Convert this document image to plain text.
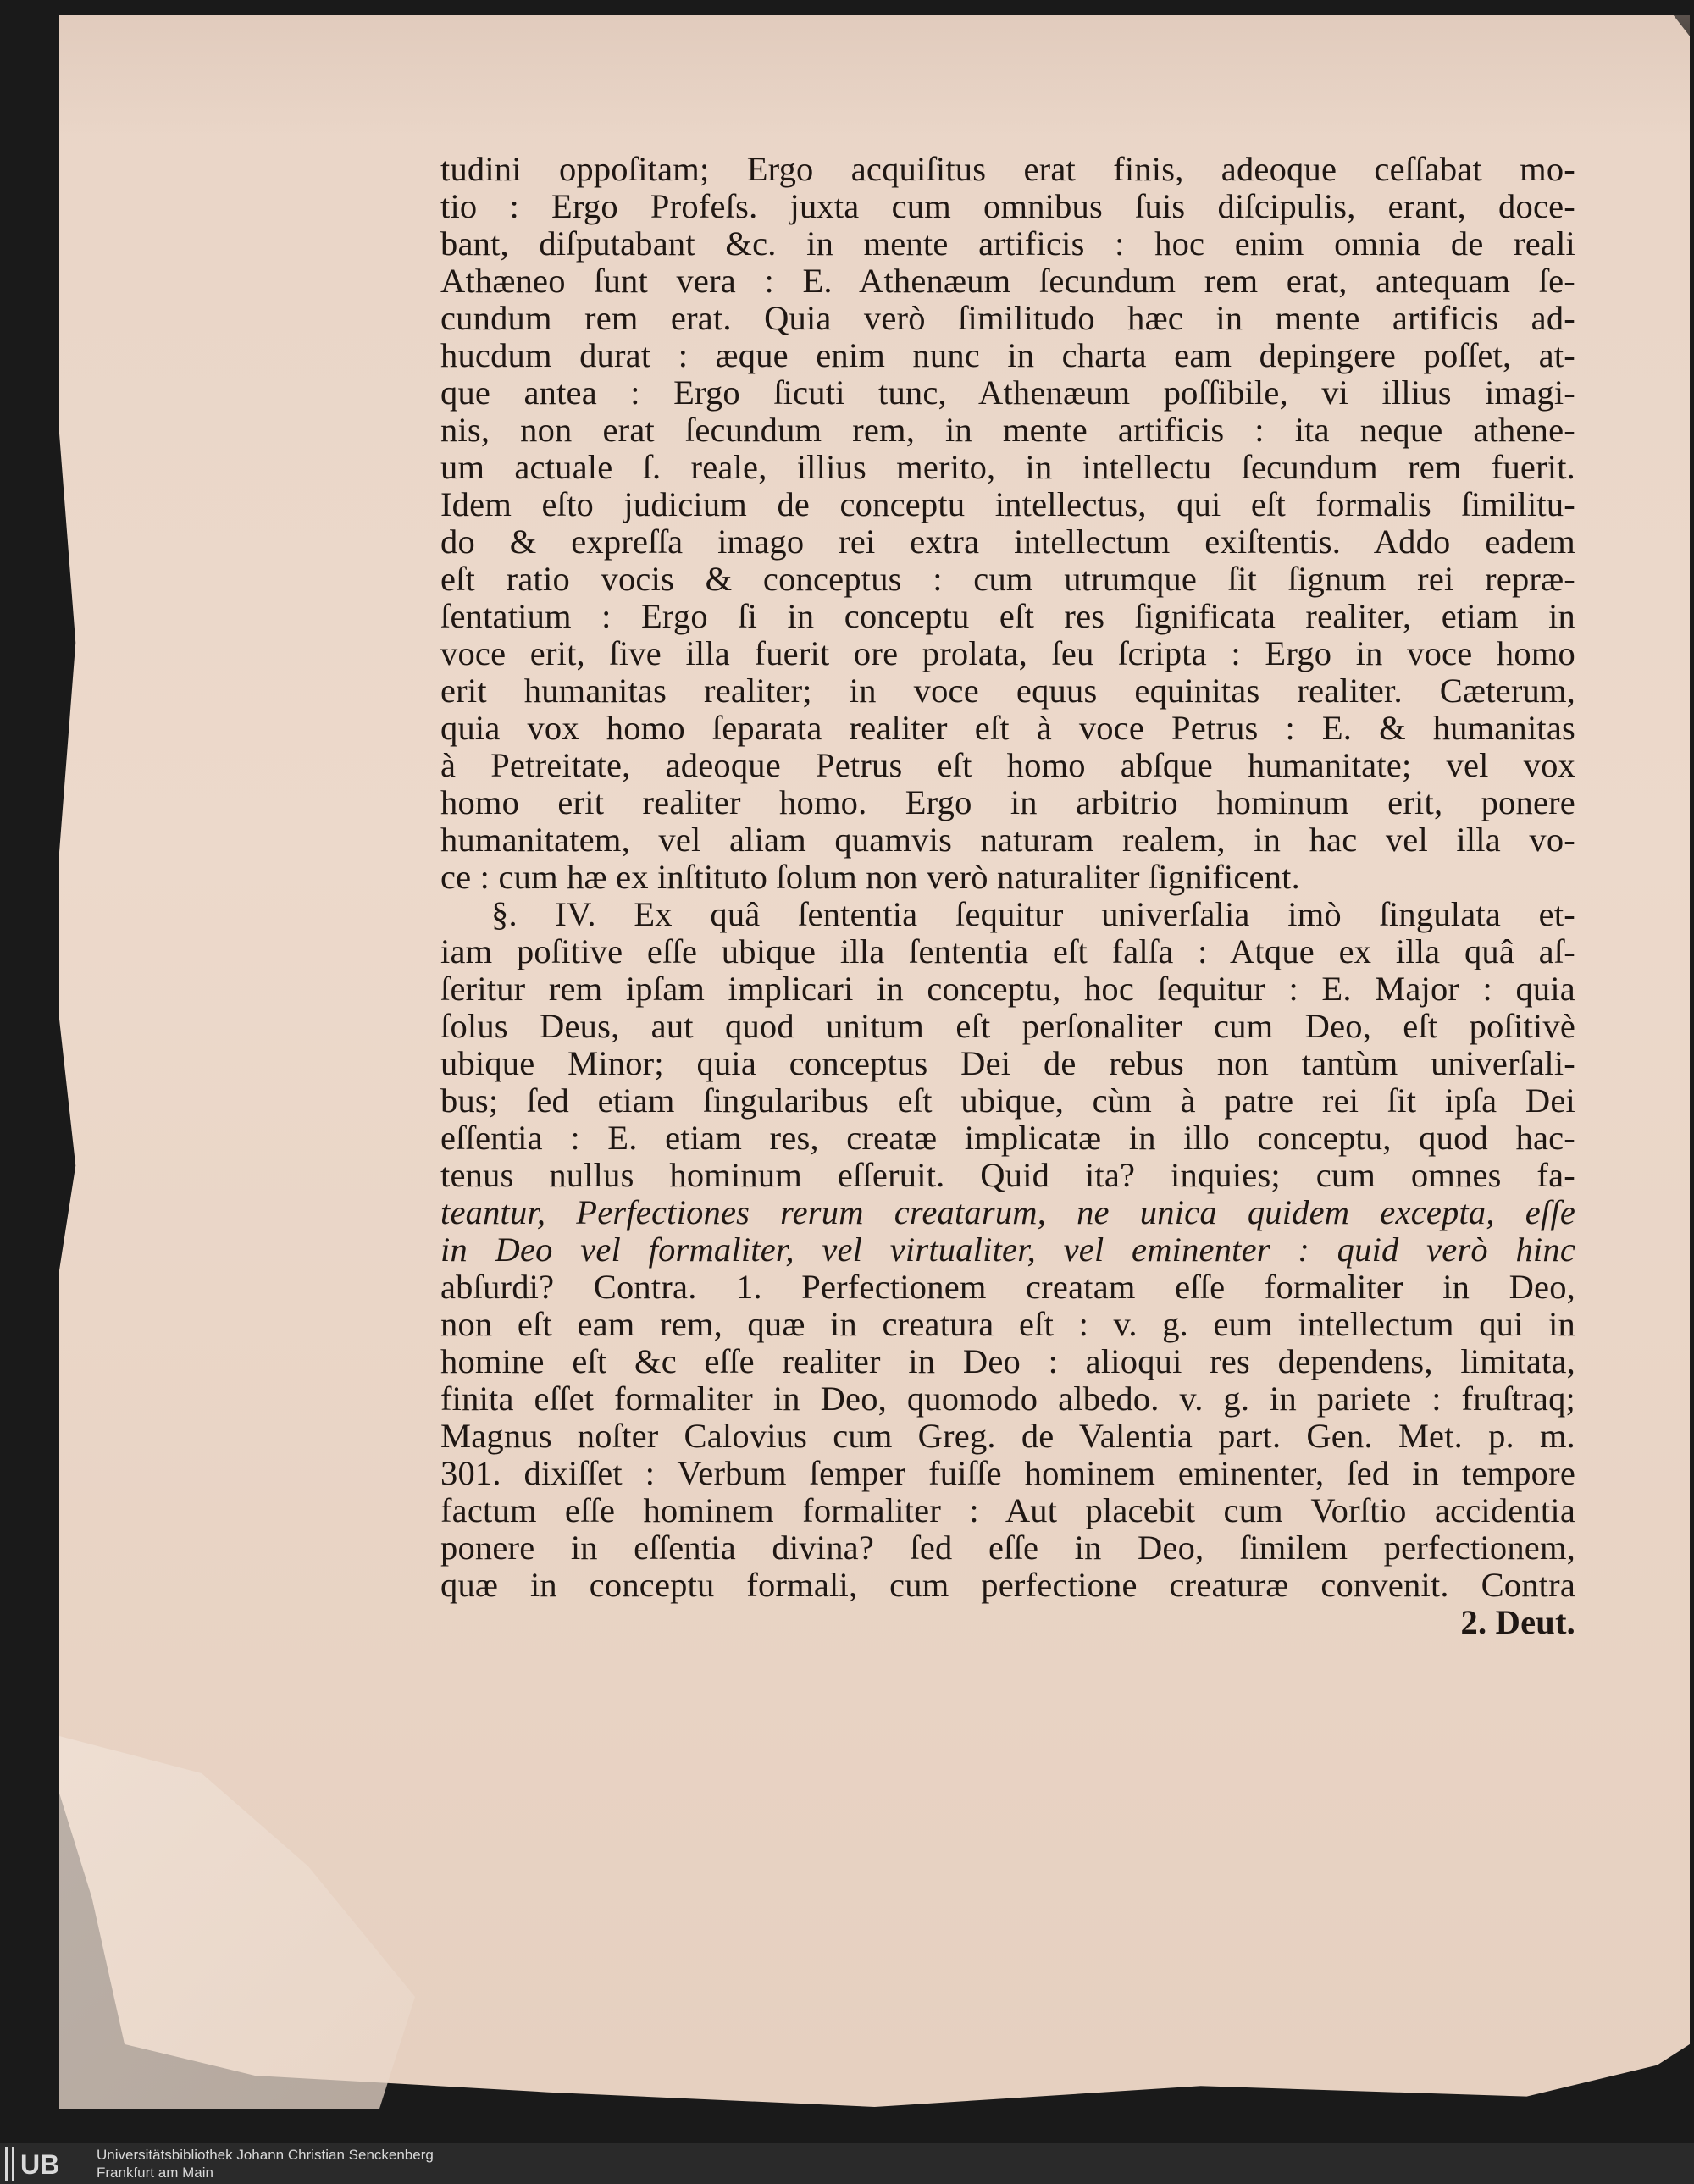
tudini oppoſitam; Ergo acquiſitus erat finis, adeoque ceſſabat mo-
tio : Ergo Profeſs. juxta cum omnibus ſuis diſcipulis, erant, doce-
bant, diſputabant &c. in mente artificis : hoc enim omnia de reali
Athæneo ſunt vera : E. Athenæum ſecundum rem erat, antequam ſe-
cundum rem erat. Quia verò ſimilitudo hæc in mente artificis ad-
hucdum durat : æque enim nunc in charta eam depingere poſſet, at-
que antea : Ergo ſicuti tunc, Athenæum poſſibile, vi illius imagi-
nis, non erat ſecundum rem, in mente artificis : ita neque athene-
um actuale ſ. reale, illius merito, in intellectu ſecundum rem fuerit.
Idem eſto judicium de conceptu intellectus, qui eſt formalis ſimilitu-
do & expreſſa imago rei extra intellectum exiſtentis. Addo eadem
eſt ratio vocis & conceptus : cum utrumque ſit ſignum rei repræ-
ſentatium : Ergo ſi in conceptu eſt res ſignificata realiter, etiam in
voce erit, ſive illa fuerit ore prolata, ſeu ſcripta : Ergo in voce homo
erit humanitas realiter; in voce equus equinitas realiter. Cæterum,
quia vox homo ſeparata realiter eſt à voce Petrus : E. & humanitas
à Petreitate, adeoque Petrus eſt homo abſque humanitate; vel vox
homo erit realiter homo. Ergo in arbitrio hominum erit, ponere
humanitatem, vel aliam quamvis naturam realem, in hac vel illa vo-
ce : cum hæ ex inſtituto ſolum non verò naturaliter ſignificent.
§. IV. Ex quâ ſententia ſequitur univerſalia imò ſingulata et-
iam poſitive eſſe ubique illa ſententia eſt falſa : Atque ex illa quâ aſ-
ſeritur rem ipſam implicari in conceptu, hoc ſequitur : E. Major : quia
ſolus Deus, aut quod unitum eſt perſonaliter cum Deo, eſt poſitivè
ubique Minor; quia conceptus Dei de rebus non tantùm univerſali-
bus; ſed etiam ſingularibus eſt ubique, cùm à patre rei ſit ipſa Dei
eſſentia : E. etiam res, creatæ implicatæ in illo conceptu, quod hac-
tenus nullus hominum eſſeruit. Quid ita? inquies; cum omnes fa-
teantur, Perfectiones rerum creatarum, ne unica quidem excepta, eſſe
in Deo vel formaliter, vel virtualiter, vel eminenter : quid verò hinc
abſurdi? Contra. 1. Perfectionem creatam eſſe formaliter in Deo,
non eſt eam rem, quæ in creatura eſt : v. g. eum intellectum qui in
homine eſt &c eſſe realiter in Deo : alioqui res dependens, limitata,
finita eſſet formaliter in Deo, quomodo albedo. v. g. in pariete : fruſtraq;
Magnus noſter Calovius cum Greg. de Valentia part. Gen. Met. p. m.
301. dixiſſet : Verbum ſemper fuiſſe hominem eminenter, ſed in tempore
factum eſſe hominem formaliter : Aut placebit cum Vorſtio accidentia
ponere in eſſentia divina? ſed eſſe in Deo, ſimilem perfectionem,
quæ in conceptu formali, cum perfectione creaturæ convenit. Contra
2. Deut.
UB	Universitätsbibliothek Johann Christian Senckenberg
Frankfurt am Main
